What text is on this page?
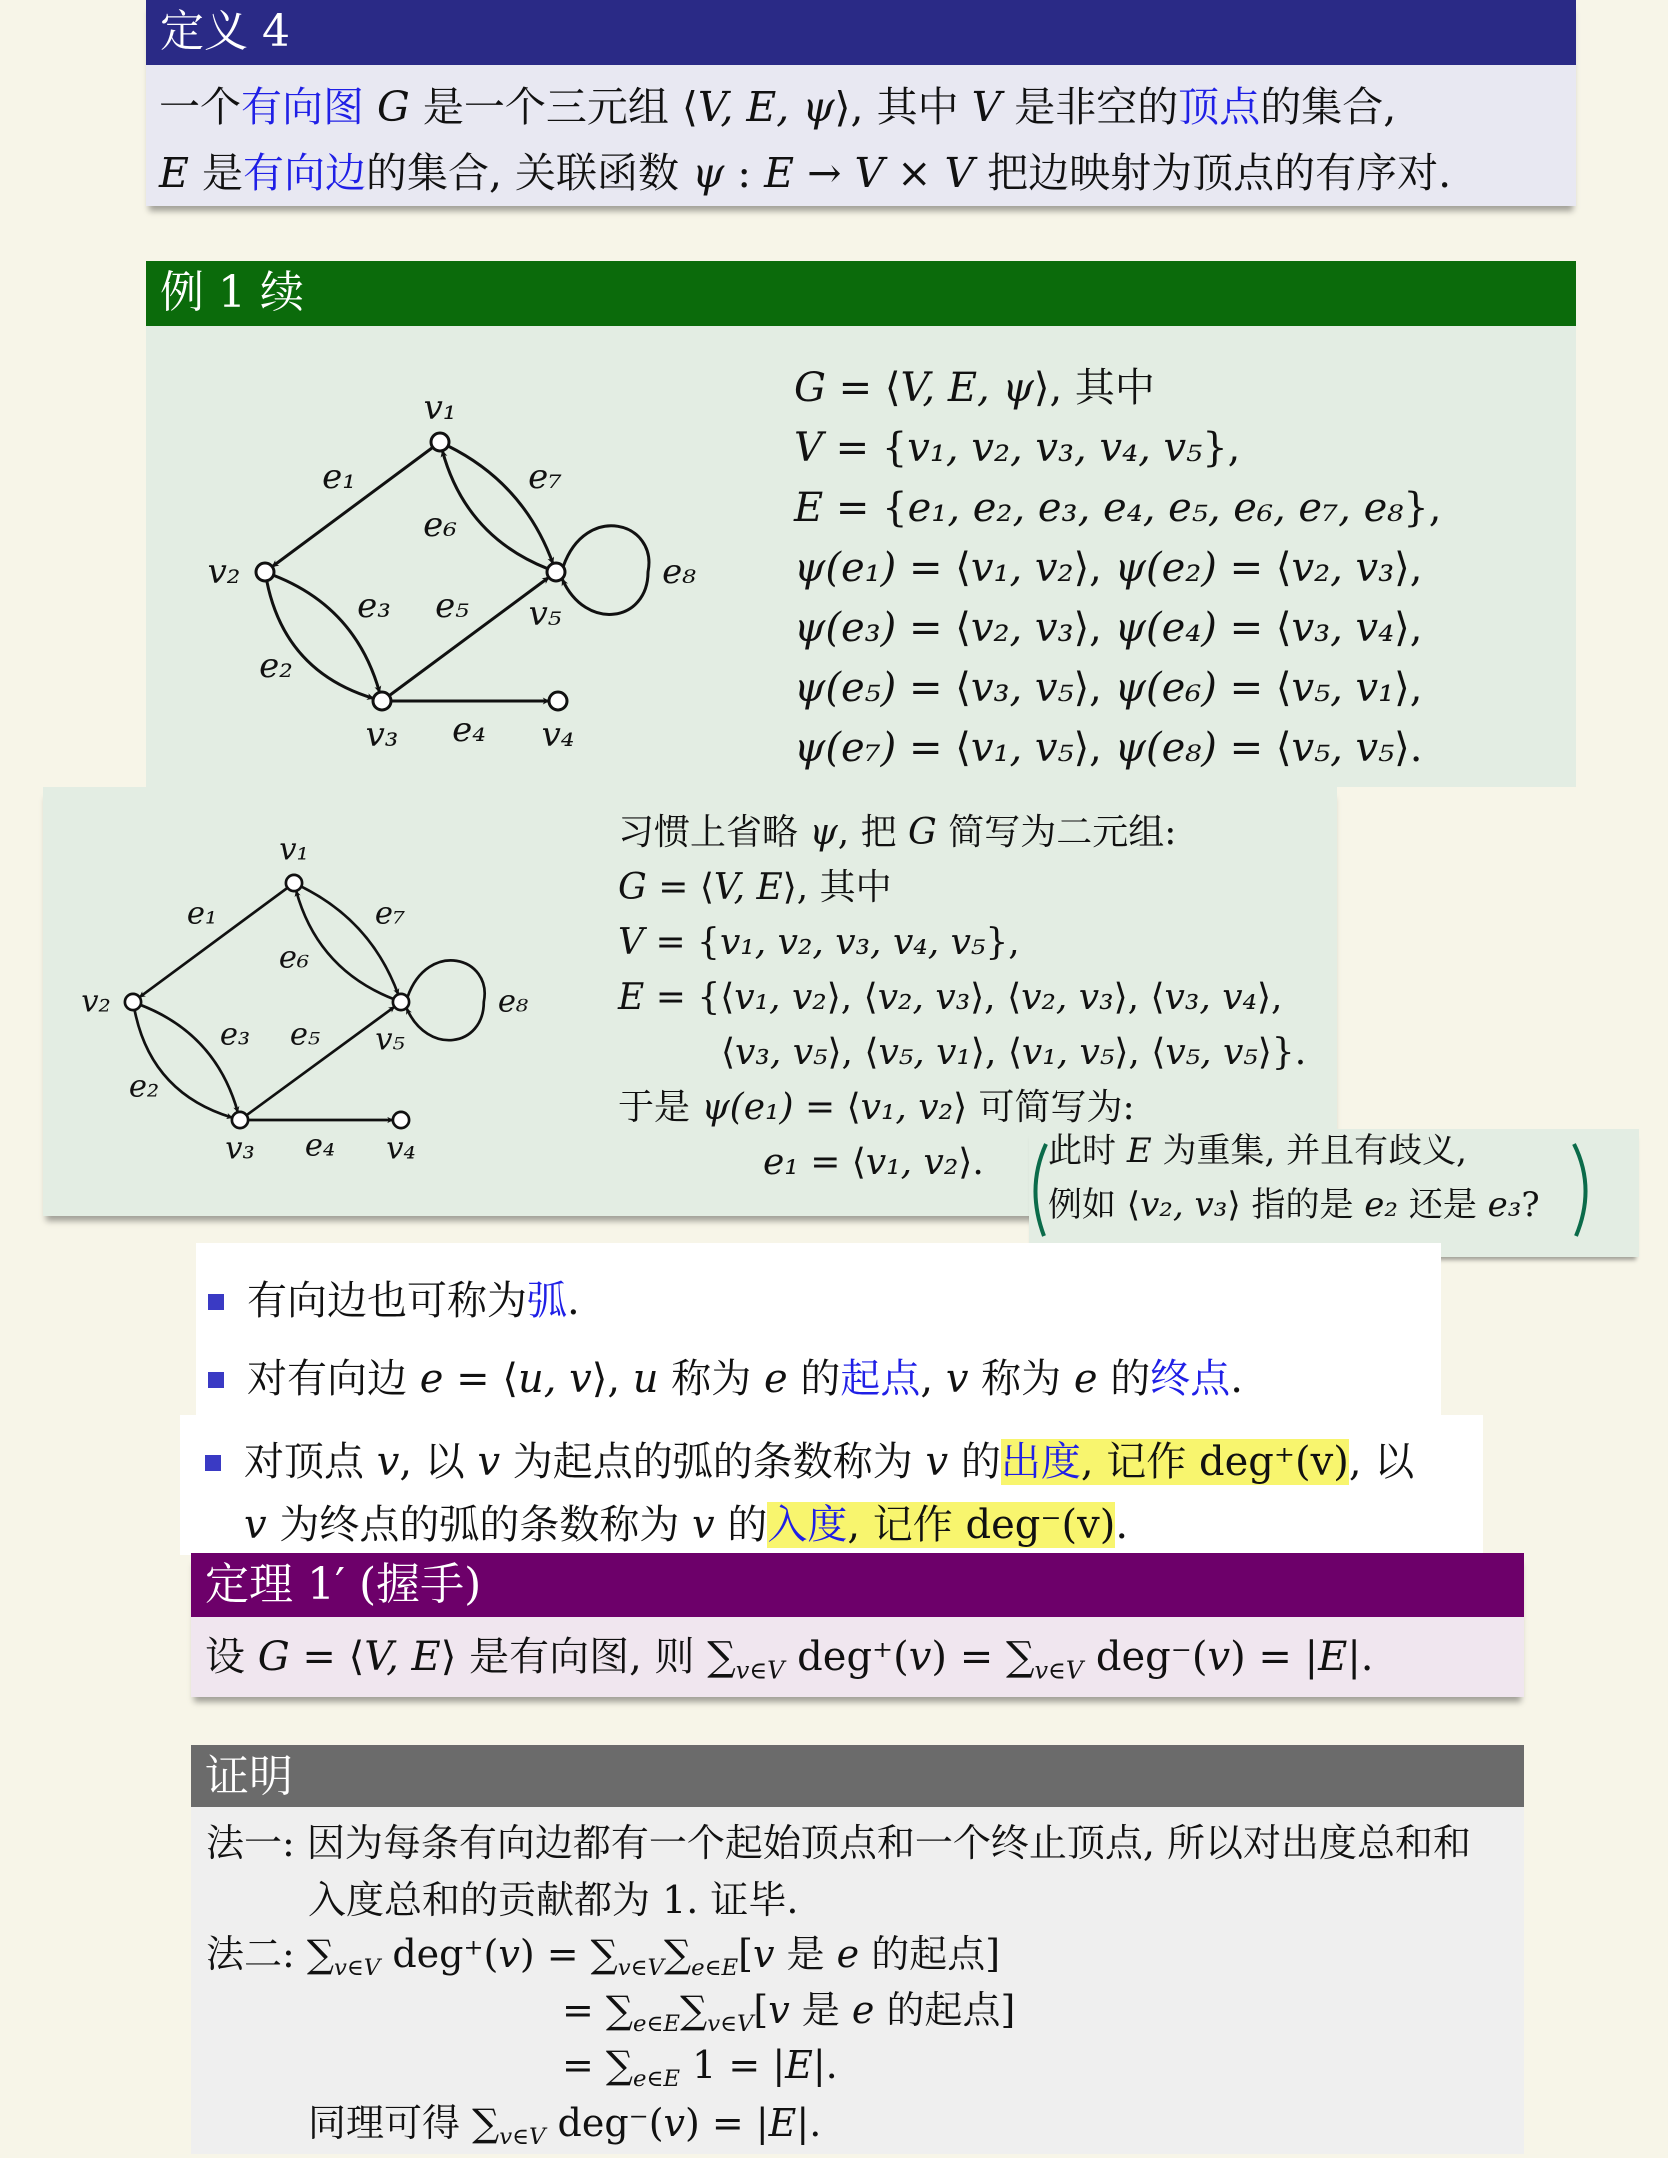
定义 4
一个有向图 G 是一个三元组 ⟨V, E, ψ⟩, 其中 V 是非空的顶点的集合,
E 是有向边的集合, 关联函数 ψ : E → V × V 把边映射为顶点的有序对.
例 1 续
v₁
v₂
v₃	v₄
v₅
e₁
e₂
e₃
e₄
e₅
e₆
e₇
e₈
G = ⟨V, E, ψ⟩, 其中
V = {v₁, v₂, v₃, v₄, v₅},
E = {e₁, e₂, e₃, e₄, e₅, e₆, e₇, e₈},
ψ(e₁) = ⟨v₁, v₂⟩, ψ(e₂) = ⟨v₂, v₃⟩,
ψ(e₃) = ⟨v₂, v₃⟩, ψ(e₄) = ⟨v₃, v₄⟩,
ψ(e₅) = ⟨v₃, v₅⟩, ψ(e₆) = ⟨v₅, v₁⟩,
ψ(e₇) = ⟨v₁, v₅⟩, ψ(e₈) = ⟨v₅, v₅⟩.
v₁
v₂
v₃	v₄
v₅
e₁
e₂
e₃
e₄
e₅
e₆
e₇
e₈
习惯上省略 ψ, 把 G 简写为二元组:
G = ⟨V, E⟩, 其中
V = {v₁, v₂, v₃, v₄, v₅},
E = {⟨v₁, v₂⟩, ⟨v₂, v₃⟩, ⟨v₂, v₃⟩, ⟨v₃, v₄⟩,
⟨v₃, v₅⟩, ⟨v₅, v₁⟩, ⟨v₁, v₅⟩, ⟨v₅, v₅⟩}.
于是 ψ(e₁) = ⟨v₁, v₂⟩ 可简写为:
e₁ = ⟨v₁, v₂⟩. 此时 E 为重集, 并且有歧义,
例如 ⟨v₂, v₃⟩ 指的是 e₂ 还是 e₃?
有向边也可称为弧.
对有向边 e = ⟨u, v⟩, u 称为 e 的起点, v 称为 e 的终点.
对顶点 v, 以 v 为起点的弧的条数称为 v 的出度, 记作 deg⁺(v), 以
v 为终点的弧的条数称为 v 的入度, 记作 deg⁻(v).
定理 1′ (握手)
设 G = ⟨V, E⟩ 是有向图, 则 $\sum_{v\in V}$ $deg^+(v) = \sum_{v\in V}$ deg⁻(v) = |E|.
证明
法一: 因为每条有向边都有一个起始顶点和一个终止顶点, 所以对出度总和和
入度总和的贡献都为 1. 证毕.
法二: $\sum_{v\in V}$ $deg^+(v) = \sum_{v\in V}\sum_{e\in E}[v$ 是 e 的起点]
= $\sum_{e\in E}\sum_{v\in V}[v$ 是 e 的起点]
= $\sum_{e\in E}$ 1 = |E|.
同理可得 $\sum_{v\in V}$ deg⁻(v) = |E|.
